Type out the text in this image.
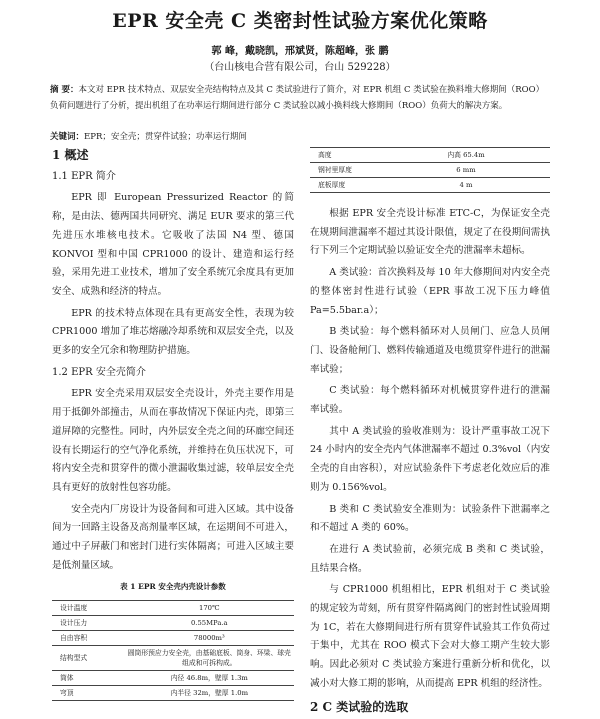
EPR 安全壳 C 类密封性试验方案优化策略
郭 峰，戴晓凯，邢斌贤，陈超峰，张 鹏
（台山核电合营有限公司，台山 529228）
摘 要：本文对 EPR 技术特点、双层安全壳结构特点及其 C 类试验进行了简介，对 EPR 机组 C 类试验在换料堆大修期间（ROO）负荷问题进行了分析，提出机组了在功率运行期间进行部分 C 类试验以减小换料线大修期间（ROO）负荷大的解决方案。
关键词：EPR；安全壳；贯穿件试验；功率运行期间

1 概述

1.1 EPR 简介

EPR 即 European Pressurized Reactor 的简称，是由法、德两国共同研究、满足 EUR 要求的第三代先进压水堆核电技术。它吸收了法国 N4 型、德国 KONVOI 型和中国 CPR1000 的设计、建造和运行经验，采用先进工业技术，增加了安全系统冗余度具有更加安全、成熟和经济的特点。

EPR 的技术特点体现在具有更高安全性，表现为较 CPR1000 增加了堆芯熔融冷却系统和双层安全壳，以及更多的安全冗余和物理防护措施。

1.2 EPR 安全壳简介

EPR 安全壳采用双层安全壳设计，外壳主要作用是用于抵御外部撞击，从而在事故情况下保证内壳，即第三道屏障的完整性。同时，内外层安全壳之间的环廊空间还设有长期运行的空气净化系统，并维持在负压状况下，可将内安全壳和贯穿件的微小泄漏收集过滤，较单层安全壳具有更好的放射性包容功能。

安全壳内厂房设计为设备间和可进入区域。其中设备间为一回路主设备及高剂量率区域，在运期间不可进入，通过中子屏蔽门和密封门进行实体隔离；可进入区域主要是低剂量区域。

表 1 EPR 安全壳内壳设计参数

设计温度	170℃
设计压力	0.55MPa.a
自由容积	78000m³
结构型式	圆筒形预应力安全壳，由基础底板、筒身、环梁、球壳组成和可拆构成。
筒体	内径 46.8m，壁厚 1.3m
穹顶	内半径 32m，壁厚 1.0m
高度	内高 65.4m
钢衬里厚度	6 mm
底板厚度	4 m

根据 EPR 安全壳设计标准 ETC-C，为保证安全壳在规期间泄漏率不超过其设计限值，规定了在役期间需执行下列三个定期试验以验证安全壳的泄漏率未超标。

A 类试验：首次换料及每 10 年大修期间对内安全壳的整体密封性进行试验（EPR 事故工况下压力峰值 Pa=5.5bar.a）；

B 类试验：每个燃料循环对人员闸门、应急人员闸门、设备舱闸门、燃料传输通道及电缆贯穿件进行的泄漏率试验；

C 类试验：每个燃料循环对机械贯穿件进行的泄漏率试验。

其中 A 类试验的验收准则为：设计严重事故工况下 24 小时内的安全壳内气体泄漏率不超过 0.3%vol（内安全壳的自由容积），对应试验条件下考虑老化效应后的准则为 0.156%vol。

B 类和 C 类试验安全准则为：试验条件下泄漏率之和不超过 A 类的 60%。

在进行 A 类试验前，必须完成 B 类和 C 类试验，且结果合格。

与 CPR1000 机组相比，EPR 机组对于 C 类试验的规定较为苛刻，所有贯穿件隔离阀门的密封性试验周期为 1C，若在大修期间进行所有贯穿件试验其工作负荷过于集中，尤其在 ROO 模式下会对大修工期产生较大影响。因此必须对 C 类试验方案进行重新分析和优化，以减小对大修工期的影响，从而提高 EPR 机组的经济性。

2 C 类试验的选取
